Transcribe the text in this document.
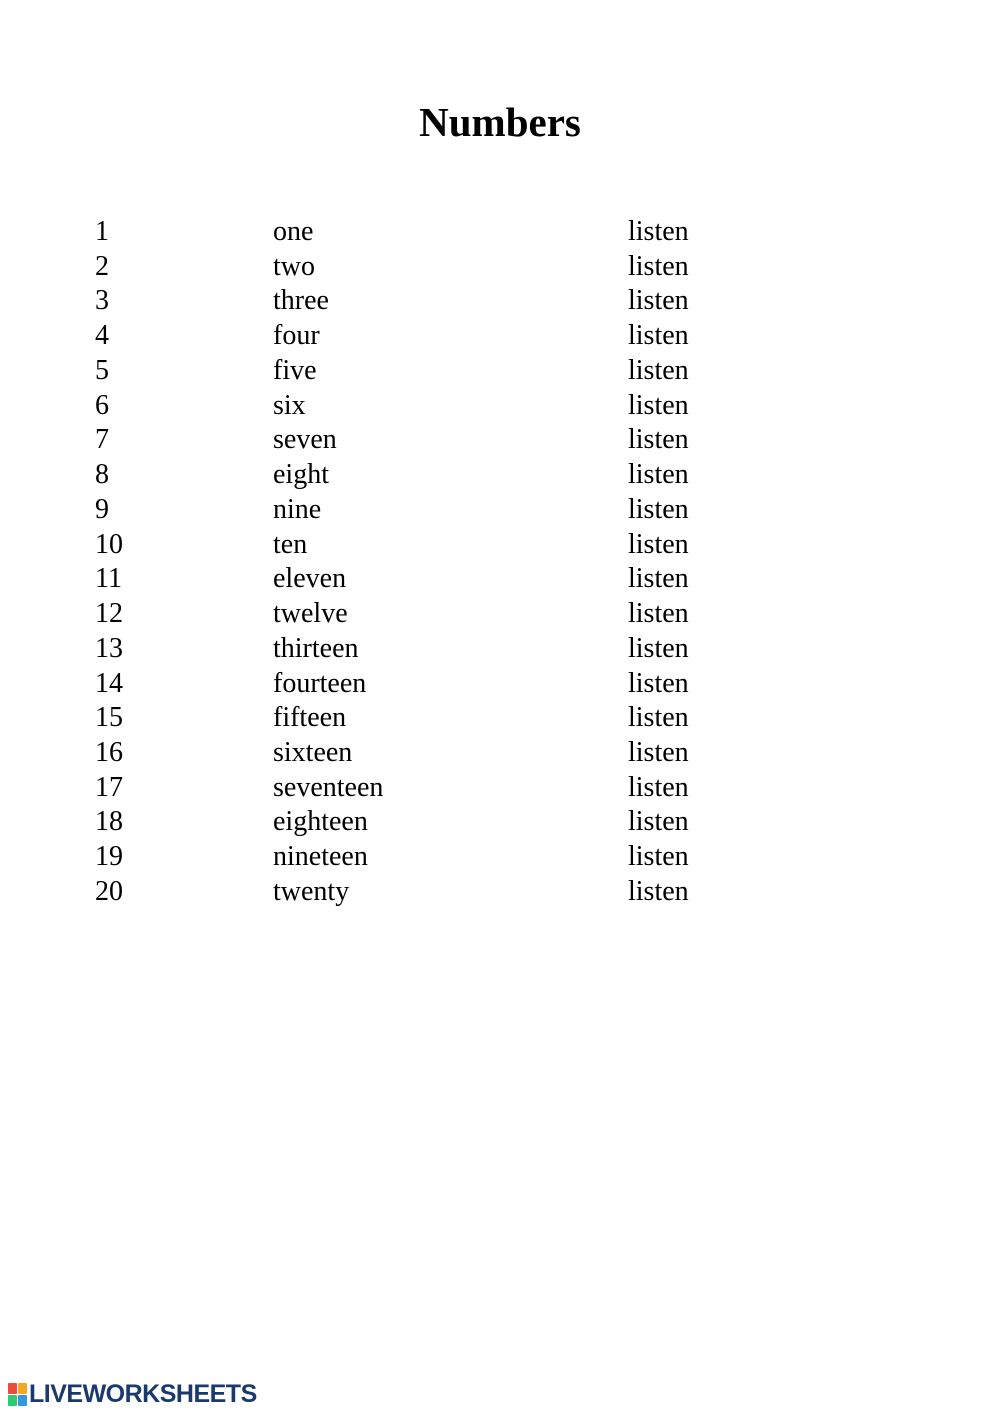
Numbers
1	one	listen
2	two	listen
3	three	listen
4	four	listen
5	five	listen
6	six	listen
7	seven	listen
8	eight	listen
9	nine	listen
10	ten	listen
11	eleven	listen
12	twelve	listen
13	thirteen	listen
14	fourteen	listen
15	fifteen	listen
16	sixteen	listen
17	seventeen	listen
18	eighteen	listen
19	nineteen	listen
20	twenty	listen
LIVEWORKSHEETS
